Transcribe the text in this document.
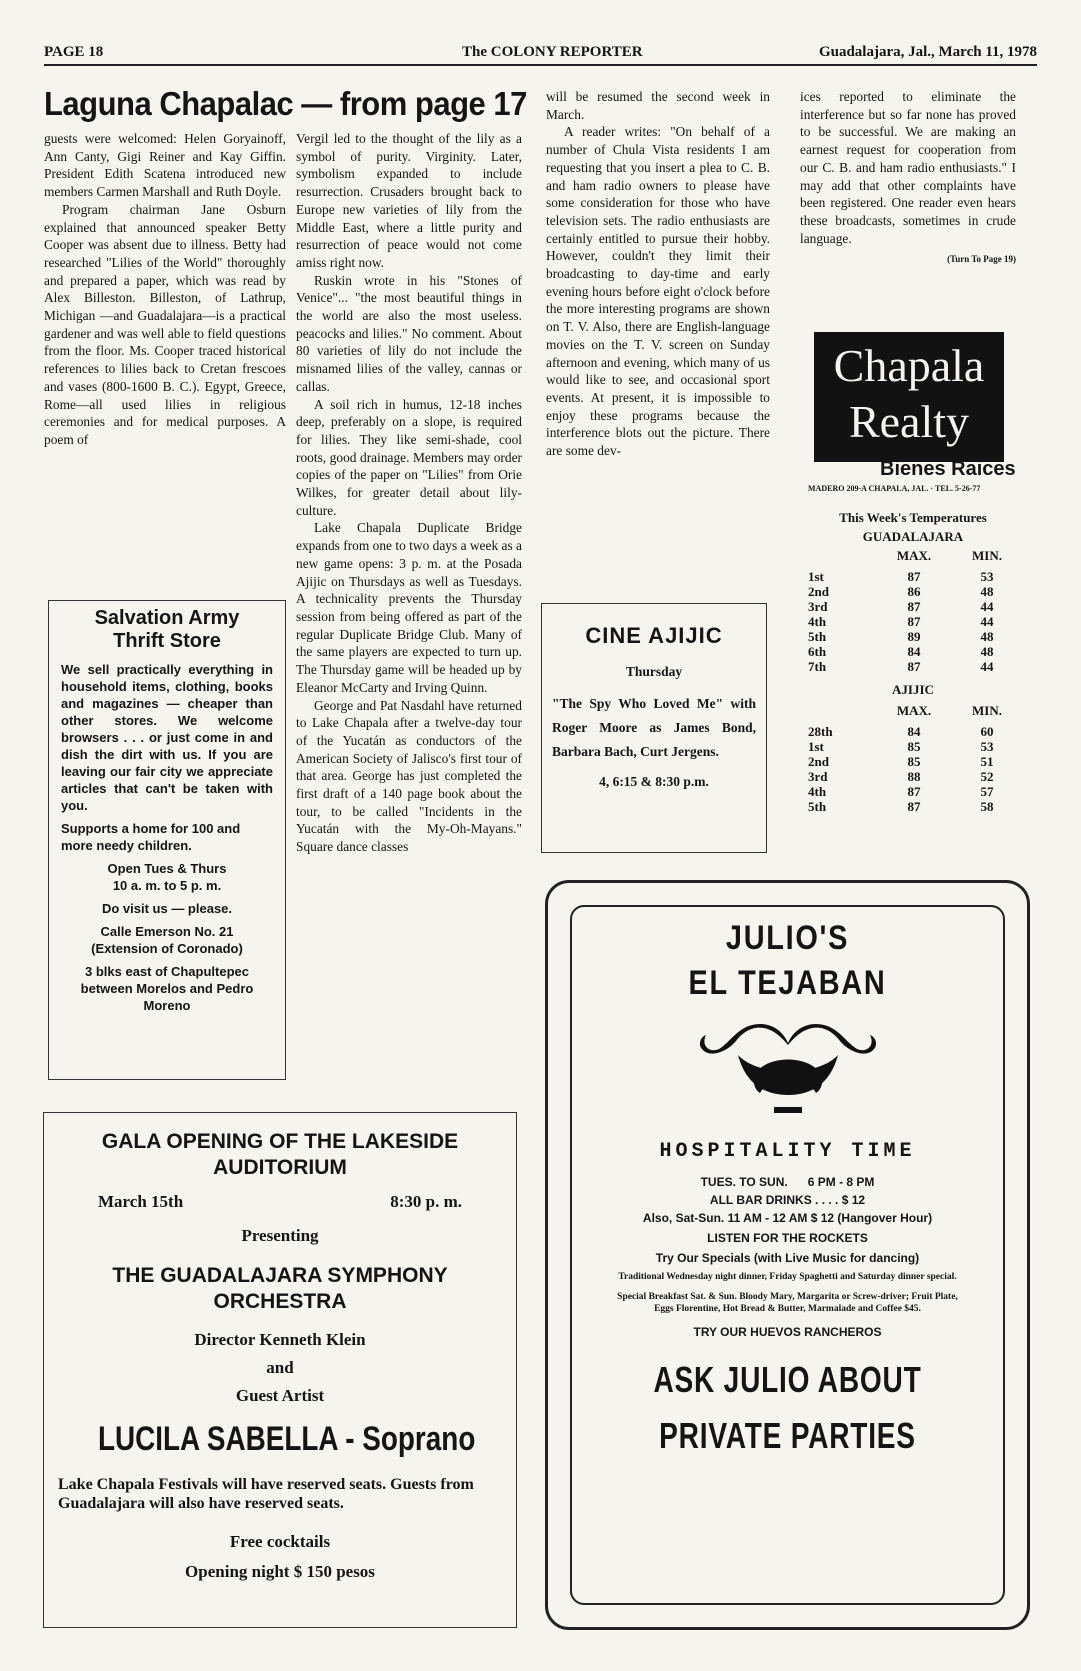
PAGE 18	The COLONY REPORTER	Guadalajara, Jal., March 11, 1978
Laguna Chapalac — from page 17

guests were welcomed: Helen Goryainoff, Ann Canty, Gigi Reiner and Kay Giffin. President Edith Scatena introduced new members Carmen Marshall and Ruth Doyle.

Program chairman Jane Osburn explained that announced speaker Betty Cooper was absent due to illness. Betty had researched "Lilies of the World" thoroughly and prepared a paper, which was read by Alex Billeston. Billeston, of Lathrup, Michigan —and Guadalajara—is a practical gardener and was well able to field questions from the floor. Ms. Cooper traced historical references to lilies back to Cretan frescoes and vases (800-1600 B. C.). Egypt, Greece, Rome—all used lilies in religious ceremonies and for medical purposes. A poem of

Vergil led to the thought of the lily as a symbol of purity. Virginity. Later, symbolism expanded to include resurrection. Crusaders brought back to Europe new varieties of lily from the Middle East, where a little purity and resurrection of peace would not come amiss right now.

Ruskin wrote in his "Stones of Venice"... "the most beautiful things in the world are also the most useless. peacocks and lilies." No comment. About 80 varieties of lily do not include the misnamed lilies of the valley, cannas or callas.

A soil rich in humus, 12-18 inches deep, preferably on a slope, is required for lilies. They like semi-shade, cool roots, good drainage. Members may order copies of the paper on "Lilies" from Orie Wilkes, for greater detail about lily-culture.

Lake Chapala Duplicate Bridge expands from one to two days a week as a new game opens: 3 p. m. at the Posada Ajijic on Thursdays as well as Tuesdays. A technicality prevents the Thursday session from being offered as part of the regular Duplicate Bridge Club. Many of the same players are expected to turn up. The Thursday game will be headed up by Eleanor McCarty and Irving Quinn.

George and Pat Nasdahl have returned to Lake Chapala after a twelve-day tour of the Yucatán as conductors of the American Society of Jalisco's first tour of that area. George has just completed the first draft of a 140 page book about the tour, to be called "Incidents in the Yucatán with the My-Oh-Mayans." Square dance classes

will be resumed the second week in March.

A reader writes: "On behalf of a number of Chula Vista residents I am requesting that you insert a plea to C. B. and ham radio owners to please have some consideration for those who have television sets. The radio enthusiasts are certainly entitled to pursue their hobby. However, couldn't they limit their broadcasting to day-time and early evening hours before eight o'clock before the more interesting programs are shown on T. V. Also, there are English-language movies on the T. V. screen on Sunday afternoon and evening, which many of us would like to see, and occasional sport events. At present, it is impossible to enjoy these programs because the interference blots out the picture. There are some dev-

ices reported to eliminate the interference but so far none has proved to be successful. We are making an earnest request for cooperation from our C. B. and ham radio enthusiasts." I may add that other complaints have been registered. One reader even hears these broadcasts, sometimes in crude language.

(Turn To Page 19)

Salvation Army
Thrift Store

We sell practically everything in household items, clothing, books and magazines — cheaper than other stores. We welcome browsers . . . or just come in and dish the dirt with us. If you are leaving our fair city we appreciate articles that can't be taken with you.

Supports a home for 100 and more needy children.

Open Tues & Thurs

10 a. m. to 5 p. m.

Do visit us — please.

Calle Emerson No. 21

(Extension of Coronado)

3 blks east of Chapultepec between Morelos and Pedro Moreno

CINE AJIJIC
Thursday
"The Spy Who Loved Me" with Roger Moore as James Bond, Barbara Bach, Curt Jergens.
4, 6:15 & 8:30 p.m.
Chapala
Realty
Bienes Raices
MADERO 209-A CHAPALA, JAL. · TEL. 5-26-77
This Week's Temperatures
GUADALAJARA
MAX.	MIN.
1st	87	53
2nd	86	48
3rd	87	44
4th	87	44
5th	89	48
6th	84	48
7th	87	44
AJIJIC
MAX.	MIN.
28th	84	60
1st	85	53
2nd	85	51
3rd	88	52
4th	87	57
5th	87	58
GALA OPENING OF THE LAKESIDE AUDITORIUM
March 15th	8:30 p. m.
Presenting
THE GUADALAJARA SYMPHONY ORCHESTRA
Director Kenneth Klein
and
Guest Artist
LUCILA SABELLA - Soprano
Lake Chapala Festivals will have reserved seats. Guests from Guadalajara will also have reserved seats.
Free cocktails
Opening night $ 150 pesos
JULIO'S
EL TEJABAN
HOSPITALITY TIME
TUES. TO SUN.      6 PM - 8 PM
ALL BAR DRINKS . . . . $ 12
Also, Sat-Sun. 11 AM - 12 AM $ 12 (Hangover Hour)
LISTEN FOR THE ROCKETS
Try Our Specials (with Live Music for dancing)
Traditional Wednesday night dinner, Friday Spaghetti and Saturday dinner special.
Special Breakfast Sat. & Sun. Bloody Mary, Margarita or Screw-driver; Fruit Plate, Eggs Florentine, Hot Bread & Butter, Marmalade and Coffee $45.
TRY OUR HUEVOS RANCHEROS
ASK JULIO ABOUT
PRIVATE PARTIES
